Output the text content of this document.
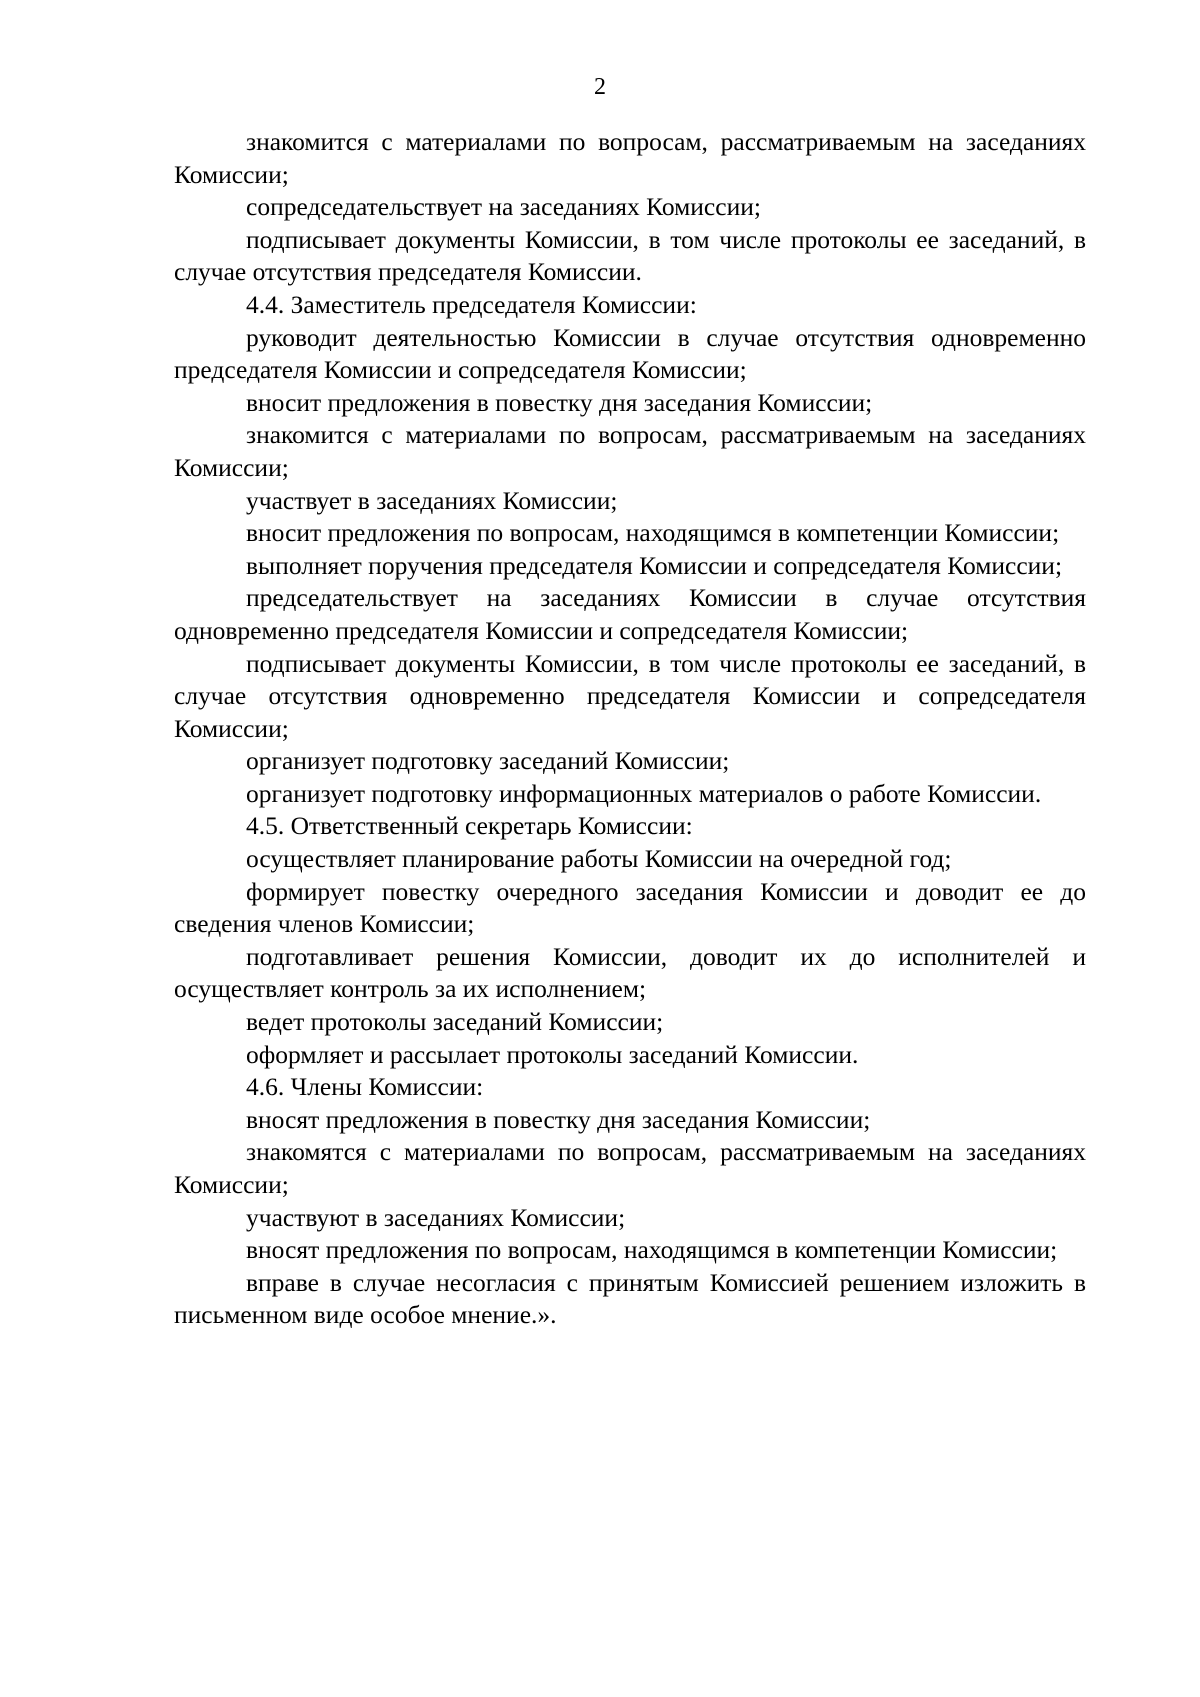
2

знакомится с материалами по вопросам, рассматриваемым на заседаниях Комиссии;

сопредседательствует на заседаниях Комиссии;

подписывает документы Комиссии, в том числе протоколы ее заседаний, в случае отсутствия председателя Комиссии.

4.4. Заместитель председателя Комиссии:

руководит деятельностью Комиссии в случае отсутствия одновременно председателя Комиссии и сопредседателя Комиссии;

вносит предложения в повестку дня заседания Комиссии;

знакомится с материалами по вопросам, рассматриваемым на заседаниях Комиссии;

участвует в заседаниях Комиссии;

вносит предложения по вопросам, находящимся в компетенции Комиссии;

выполняет поручения председателя Комиссии и сопредседателя Комиссии;

председательствует на заседаниях Комиссии в случае отсутствия одновременно председателя Комиссии и сопредседателя Комиссии;

подписывает документы Комиссии, в том числе протоколы ее заседаний, в случае отсутствия одновременно председателя Комиссии и сопредседателя Комиссии;

организует подготовку заседаний Комиссии;

организует подготовку информационных материалов о работе Комиссии.

4.5. Ответственный секретарь Комиссии:

осуществляет планирование работы Комиссии на очередной год;

формирует повестку очередного заседания Комиссии и доводит ее до сведения членов Комиссии;

подготавливает решения Комиссии, доводит их до исполнителей и осуществляет контроль за их исполнением;

ведет протоколы заседаний Комиссии;

оформляет и рассылает протоколы заседаний Комиссии.

4.6. Члены Комиссии:

вносят предложения в повестку дня заседания Комиссии;

знакомятся с материалами по вопросам, рассматриваемым на заседаниях Комиссии;

участвуют в заседаниях Комиссии;

вносят предложения по вопросам, находящимся в компетенции Комиссии;

вправе в случае несогласия с принятым Комиссией решением изложить в письменном виде особое мнение.».
